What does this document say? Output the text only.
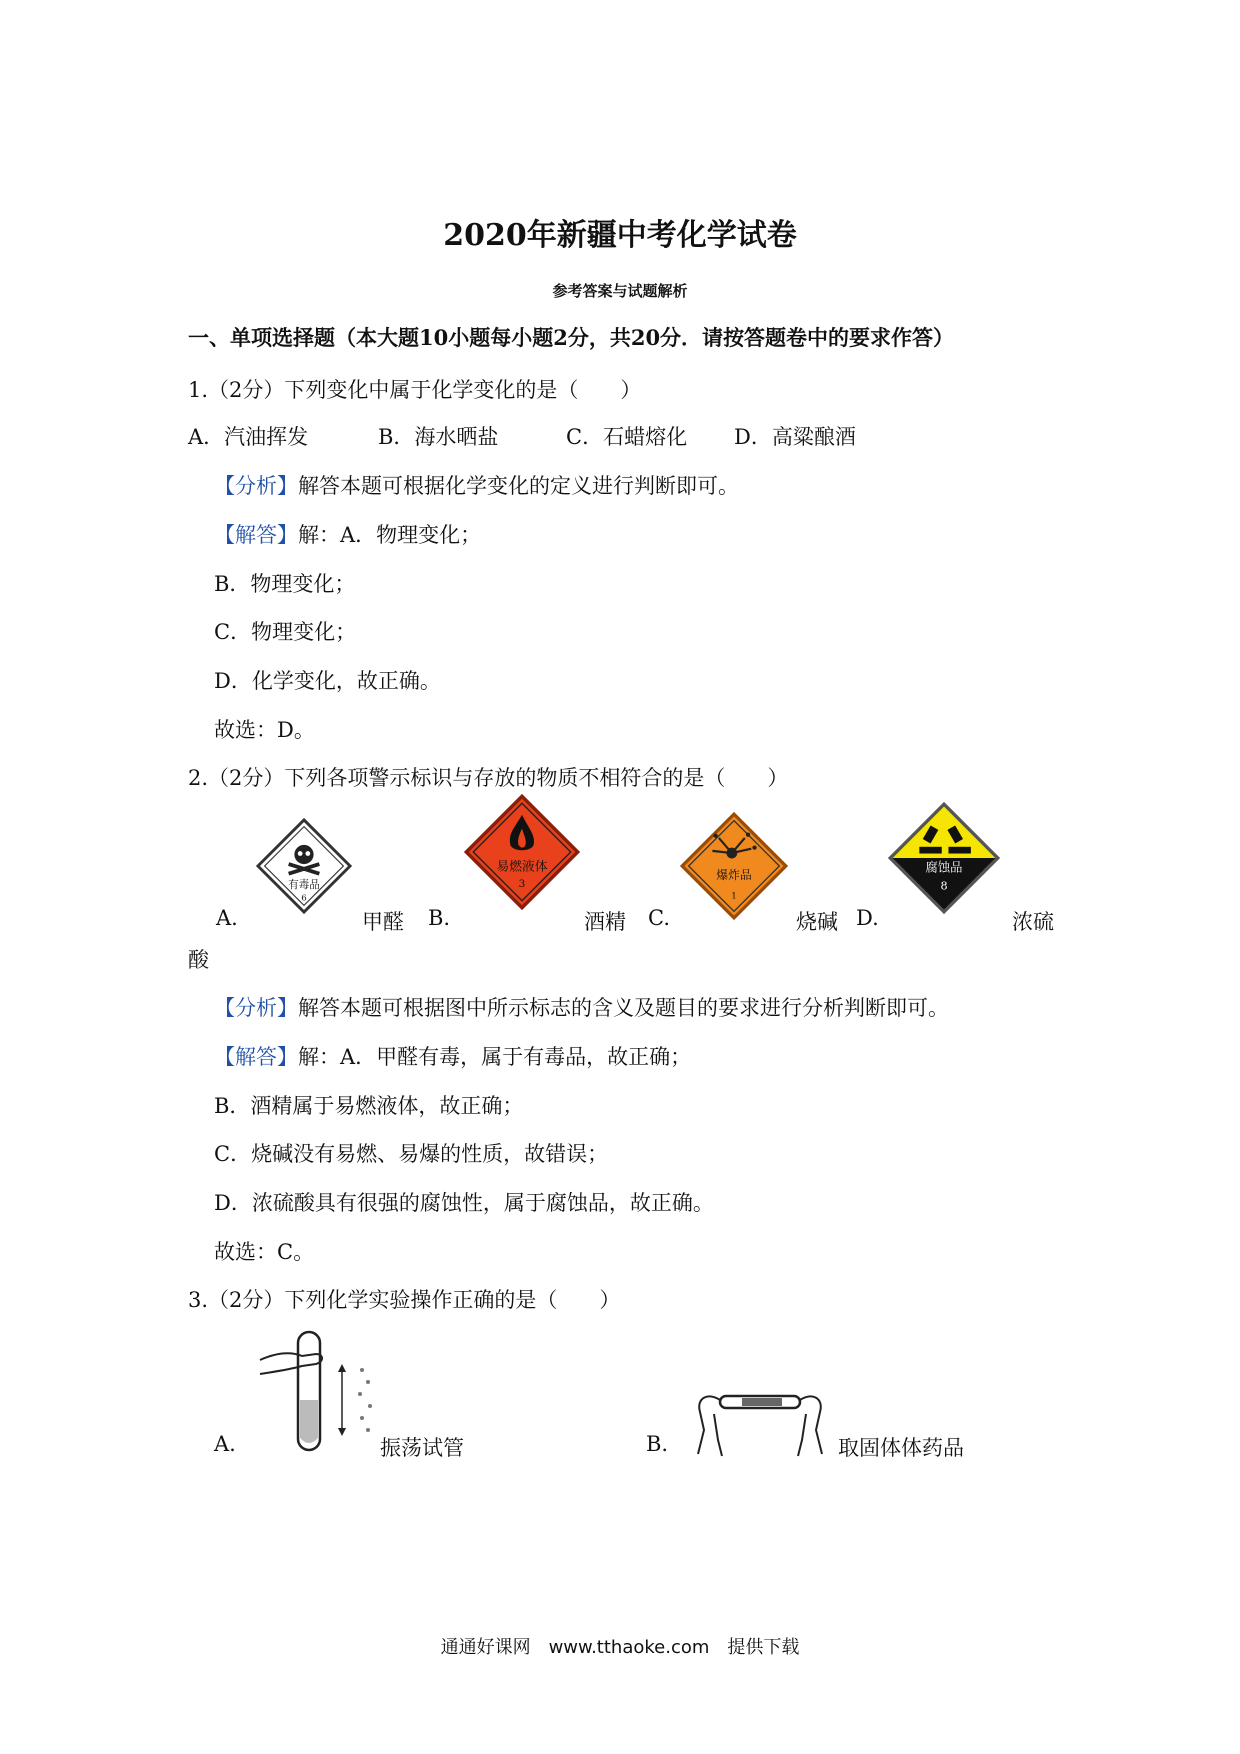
2020年新疆中考化学试卷
参考答案与试题解析
一、单项选择题（本大题10小题每小题2分，共20分．请按答题卷中的要求作答）
1.（2分）下列变化中属于化学变化的是（　　）
A．汽油挥发	B．海水晒盐	C．石蜡熔化 D．高粱酿酒
【分析】解答本题可根据化学变化的定义进行判断即可。
【解答】解：A．物理变化；
B．物理变化；
C．物理变化；
D．化学变化，故正确。
故选：D。
2.（2分）下列各项警示标识与存放的物质不相符合的是（　　）
有毒品
6
易燃液体
3
爆炸品
1
腐蚀品
8
A.	甲醛 B.	酒精 C.	烧碱 D.	浓硫
酸
【分析】解答本题可根据图中所示标志的含义及题目的要求进行分析判断即可。
【解答】解：A．甲醛有毒，属于有毒品，故正确；
B．酒精属于易燃液体，故正确；
C．烧碱没有易燃、易爆的性质，故错误；
D．浓硫酸具有很强的腐蚀性，属于腐蚀品，故正确。
故选：C。
3.（2分）下列化学实验操作正确的是（　　）
A.	振荡试管	B.	取固体体药品
通通好课网　www.tthaoke.com　提供下载
